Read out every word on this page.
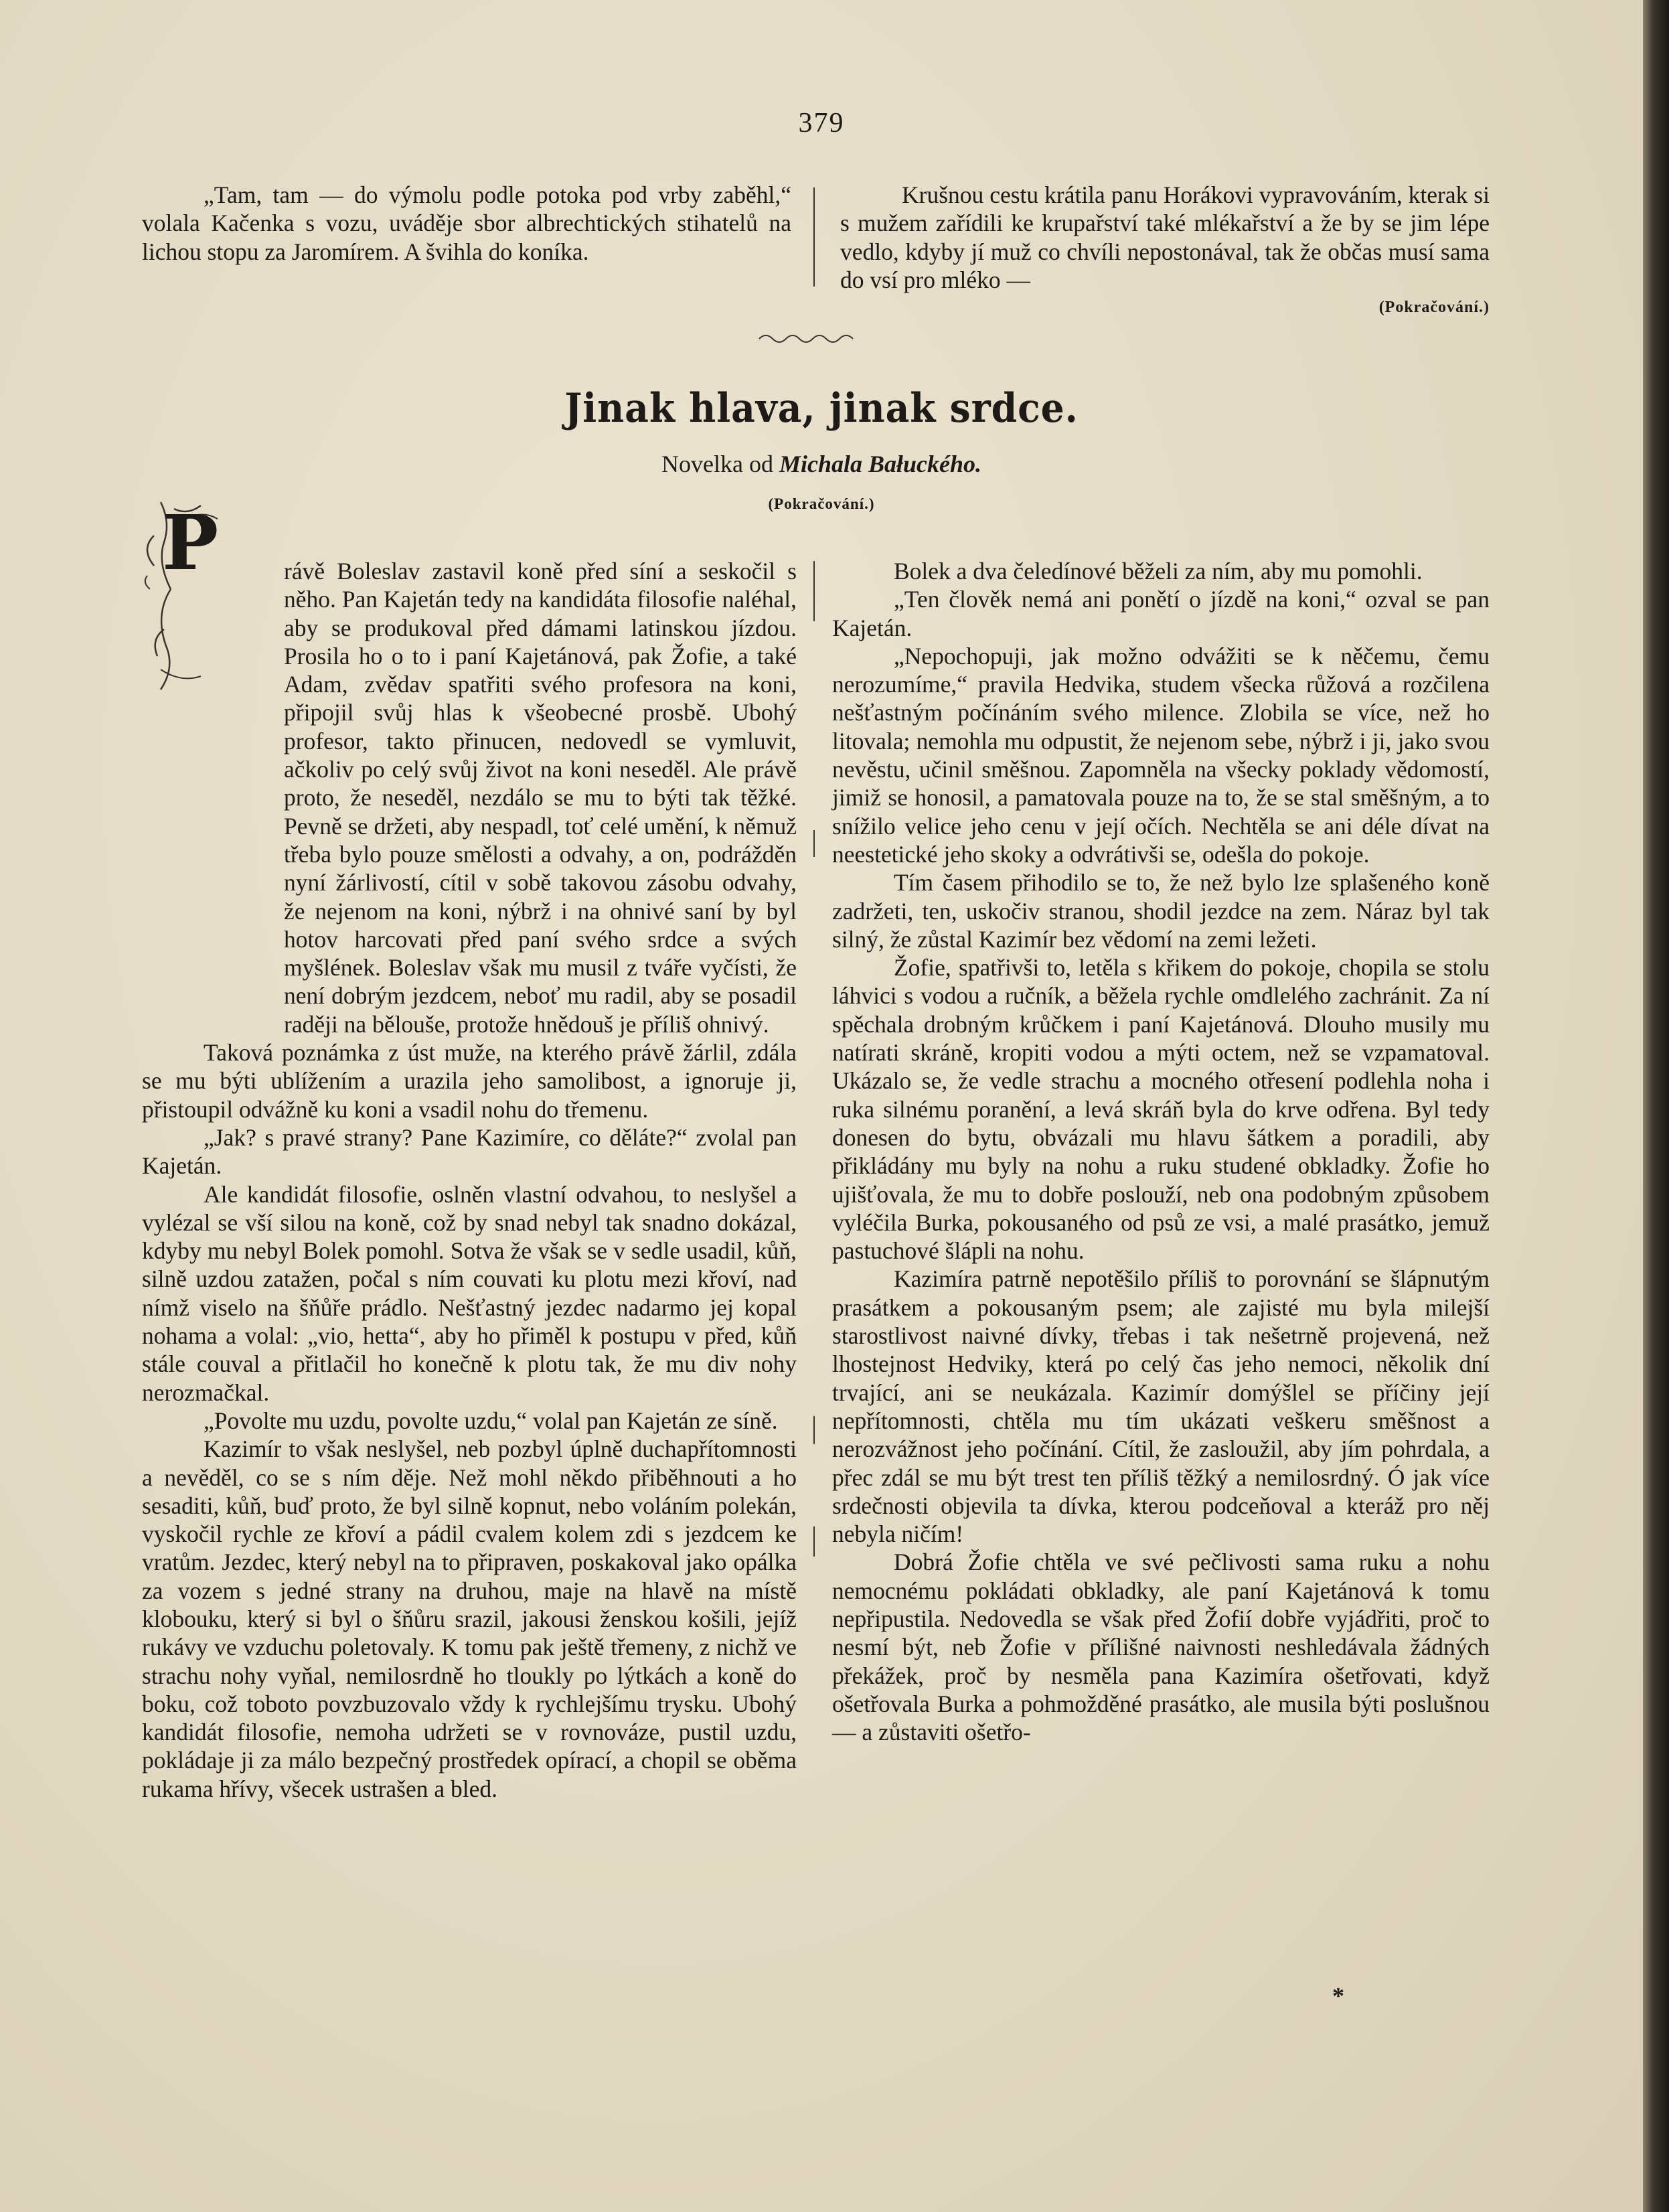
379

„Tam, tam — do výmolu podle potoka pod vrby zaběhl,“ volala Kačenka s vozu, uváděje sbor albrechtických stihatelů na lichou stopu za Jaromírem. A švihla do koníka.

Krušnou cestu krátila panu Horákovi vypravováním, kterak si s mužem zařídili ke krupařství také mlékařství a že by se jim lépe vedlo, kdyby jí muž co chvíli nepostonával, tak že občas musí sama do vsí pro mléko —

(Pokračování.)
Jinak hlava, jinak srdce.
Novelka od Michala Bałuckého.
(Pokračování.)
P	rávě Boleslav zastavil koně před síní a seskočil s něho. Pan Kajetán tedy na kandidáta filosofie naléhal, aby se produkoval před dámami latinskou jízdou. Prosila ho o to i paní Kajetánová, pak Žofie, a také Adam, zvědav spatřiti svého profesora na koni, připojil svůj hlas k všeobecné prosbě. Ubohý profesor, takto přinucen, nedovedl se vymluvit, ačkoliv po celý svůj život na koni neseděl. Ale právě proto, že neseděl, nezdálo se mu to býti tak těžké. Pevně se držeti, aby nespadl, toť celé umění, k němuž třeba bylo pouze smělosti a odvahy, a on, podrážděn nyní žárlivostí, cítil v sobě takovou zásobu odvahy, že nejenom na koni, nýbrž i na ohnivé saní by byl hotov harcovati před paní svého srdce a svých myšlének. Boleslav však mu musil z tváře vyčísti, že není dobrým jezdcem, neboť mu radil, aby se posadil raději na bělouše, protože hnědouš je příliš ohnivý.

Taková poznámka z úst muže, na kterého právě žárlil, zdála se mu býti ublížením a urazila jeho samolibost, a ignoruje ji, přistoupil odvážně ku koni a vsadil nohu do třemenu.

„Jak? s pravé strany? Pane Kazimíre, co děláte?“ zvolal pan Kajetán.

Ale kandidát filosofie, oslněn vlastní odvahou, to neslyšel a vylézal se vší silou na koně, což by snad nebyl tak snadno dokázal, kdyby mu nebyl Bolek pomohl. Sotva že však se v sedle usadil, kůň, silně uzdou zatažen, počal s ním couvati ku plotu mezi křoví, nad nímž viselo na šňůře prádlo. Nešťastný jezdec nadarmo jej kopal nohama a volal: „vio, hetta“, aby ho přiměl k postupu v před, kůň stále couval a přitlačil ho konečně k plotu tak, že mu div nohy nerozmačkal.

„Povolte mu uzdu, povolte uzdu,“ volal pan Kajetán ze síně.

Kazimír to však neslyšel, neb pozbyl úplně duchapřítomnosti a nevěděl, co se s ním děje. Než mohl někdo přiběhnouti a ho sesaditi, kůň, buď proto, že byl silně kopnut, nebo voláním polekán, vyskočil rychle ze křoví a pádil cvalem kolem zdi s jezdcem ke vratům. Jezdec, který nebyl na to připraven, poskakoval jako opálka za vozem s jedné strany na druhou, maje na hlavě na místě klobouku, který si byl o šňůru srazil, jakousi ženskou košili, jejíž rukávy ve vzduchu poletovaly. K tomu pak ještě třemeny, z nichž ve strachu nohy vyňal, nemilosrdně ho tloukly po lýtkách a koně do boku, což toboto povzbuzovalo vždy k rychlejšímu trysku. Ubohý kandidát filosofie, nemoha udržeti se v rovnováze, pustil uzdu, pokládaje ji za málo bezpečný prostředek opírací, a chopil se oběma rukama hřívy, všecek ustrašen a bled.

Bolek a dva čeledínové běželi za ním, aby mu pomohli.

„Ten člověk nemá ani ponětí o jízdě na koni,“ ozval se pan Kajetán.

„Nepochopuji, jak možno odvážiti se k něčemu, čemu nerozumíme,“ pravila Hedvika, studem všecka růžová a rozčilena nešťastným počínáním svého milence. Zlobila se více, než ho litovala; nemohla mu odpustit, že nejenom sebe, nýbrž i ji, jako svou nevěstu, učinil směšnou. Zapomněla na všecky poklady vědomostí, jimiž se honosil, a pamatovala pouze na to, že se stal směšným, a to snížilo velice jeho cenu v její očích. Nechtěla se ani déle dívat na neestetické jeho skoky a odvrátivši se, odešla do pokoje.

Tím časem přihodilo se to, že než bylo lze splašeného koně zadržeti, ten, uskočiv stranou, shodil jezdce na zem. Náraz byl tak silný, že zůstal Kazimír bez vědomí na zemi ležeti.

Žofie, spatřivši to, letěla s křikem do pokoje, chopila se stolu láhvici s vodou a ručník, a běžela rychle omdlelého zachránit. Za ní spěchala drobným krůčkem i paní Kajetánová. Dlouho musily mu natírati skráně, kropiti vodou a mýti octem, než se vzpamatoval. Ukázalo se, že vedle strachu a mocného otřesení podlehla noha i ruka silnému poranění, a levá skráň byla do krve odřena. Byl tedy donesen do bytu, obvázali mu hlavu šátkem a poradili, aby přikládány mu byly na nohu a ruku studené obkladky. Žofie ho ujišťovala, že mu to dobře poslouží, neb ona podobným způsobem vyléčila Burka, pokousaného od psů ze vsi, a malé prasátko, jemuž pastuchové šlápli na nohu.

Kazimíra patrně nepotěšilo příliš to porovnání se šlápnutým prasátkem a pokousaným psem; ale zajisté mu byla milejší starostlivost naivné dívky, třebas i tak nešetrně projevená, než lhostejnost Hedviky, která po celý čas jeho nemoci, několik dní trvající, ani se neukázala. Kazimír domýšlel se příčiny její nepřítomnosti, chtěla mu tím ukázati veškeru směšnost a nerozvážnost jeho počínání. Cítil, že zasloužil, aby jím pohrdala, a přec zdál se mu být trest ten příliš těžký a nemilosrdný. Ó jak více srdečnosti objevila ta dívka, kterou podceňoval a kteráž pro něj nebyla ničím!

Dobrá Žofie chtěla ve své pečlivosti sama ruku a nohu nemocnému pokládati obkladky, ale paní Kajetánová k tomu nepřipustila. Nedovedla se však před Žofií dobře vyjádřiti, proč to nesmí být, neb Žofie v přílišné naivnosti neshledávala žádných překážek, proč by nesměla pana Kazimíra ošetřovati, když ošetřovala Burka a pohmožděné prasátko, ale musila býti poslušnou — a zůstaviti ošetřo-

*
